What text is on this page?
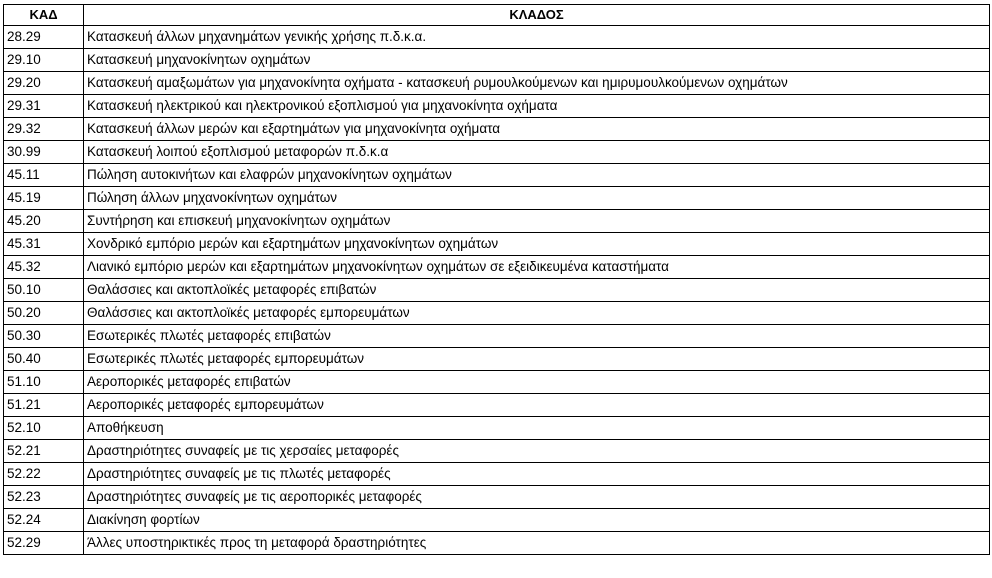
ΚΑΔ	ΚΛΑΔΟΣ
28.29	Κατασκευή άλλων μηχανημάτων γενικής χρήσης π.δ.κ.α.
29.10	Κατασκευή μηχανοκίνητων οχημάτων
29.20	Κατασκευή αμαξωμάτων για μηχανοκίνητα οχήματα - κατασκευή ρυμουλκούμενων και ημιρυμουλκούμενων οχημάτων
29.31	Κατασκευή ηλεκτρικού και ηλεκτρονικού εξοπλισμού για μηχανοκίνητα οχήματα
29.32	Κατασκευή άλλων μερών και εξαρτημάτων για μηχανοκίνητα οχήματα
30.99	Κατασκευή λοιπού εξοπλισμού μεταφορών π.δ.κ.α
45.11	Πώληση αυτοκινήτων και ελαφρών μηχανοκίνητων οχημάτων
45.19	Πώληση άλλων μηχανοκίνητων οχημάτων
45.20	Συντήρηση και επισκευή μηχανοκίνητων οχημάτων
45.31	Χονδρικό εμπόριο μερών και εξαρτημάτων μηχανοκίνητων οχημάτων
45.32	Λιανικό εμπόριο μερών και εξαρτημάτων μηχανοκίνητων οχημάτων σε εξειδικευμένα καταστήματα
50.10	Θαλάσσιες και ακτοπλοϊκές μεταφορές επιβατών
50.20	Θαλάσσιες και ακτοπλοϊκές μεταφορές εμπορευμάτων
50.30	Εσωτερικές πλωτές μεταφορές επιβατών
50.40	Εσωτερικές πλωτές μεταφορές εμπορευμάτων
51.10	Αεροπορικές μεταφορές επιβατών
51.21	Αεροπορικές μεταφορές εμπορευμάτων
52.10	Αποθήκευση
52.21	Δραστηριότητες συναφείς με τις χερσαίες μεταφορές
52.22	Δραστηριότητες συναφείς με τις πλωτές μεταφορές
52.23	Δραστηριότητες συναφείς με τις αεροπορικές μεταφορές
52.24	Διακίνηση φορτίων
52.29	Άλλες υποστηρικτικές προς τη μεταφορά δραστηριότητες
